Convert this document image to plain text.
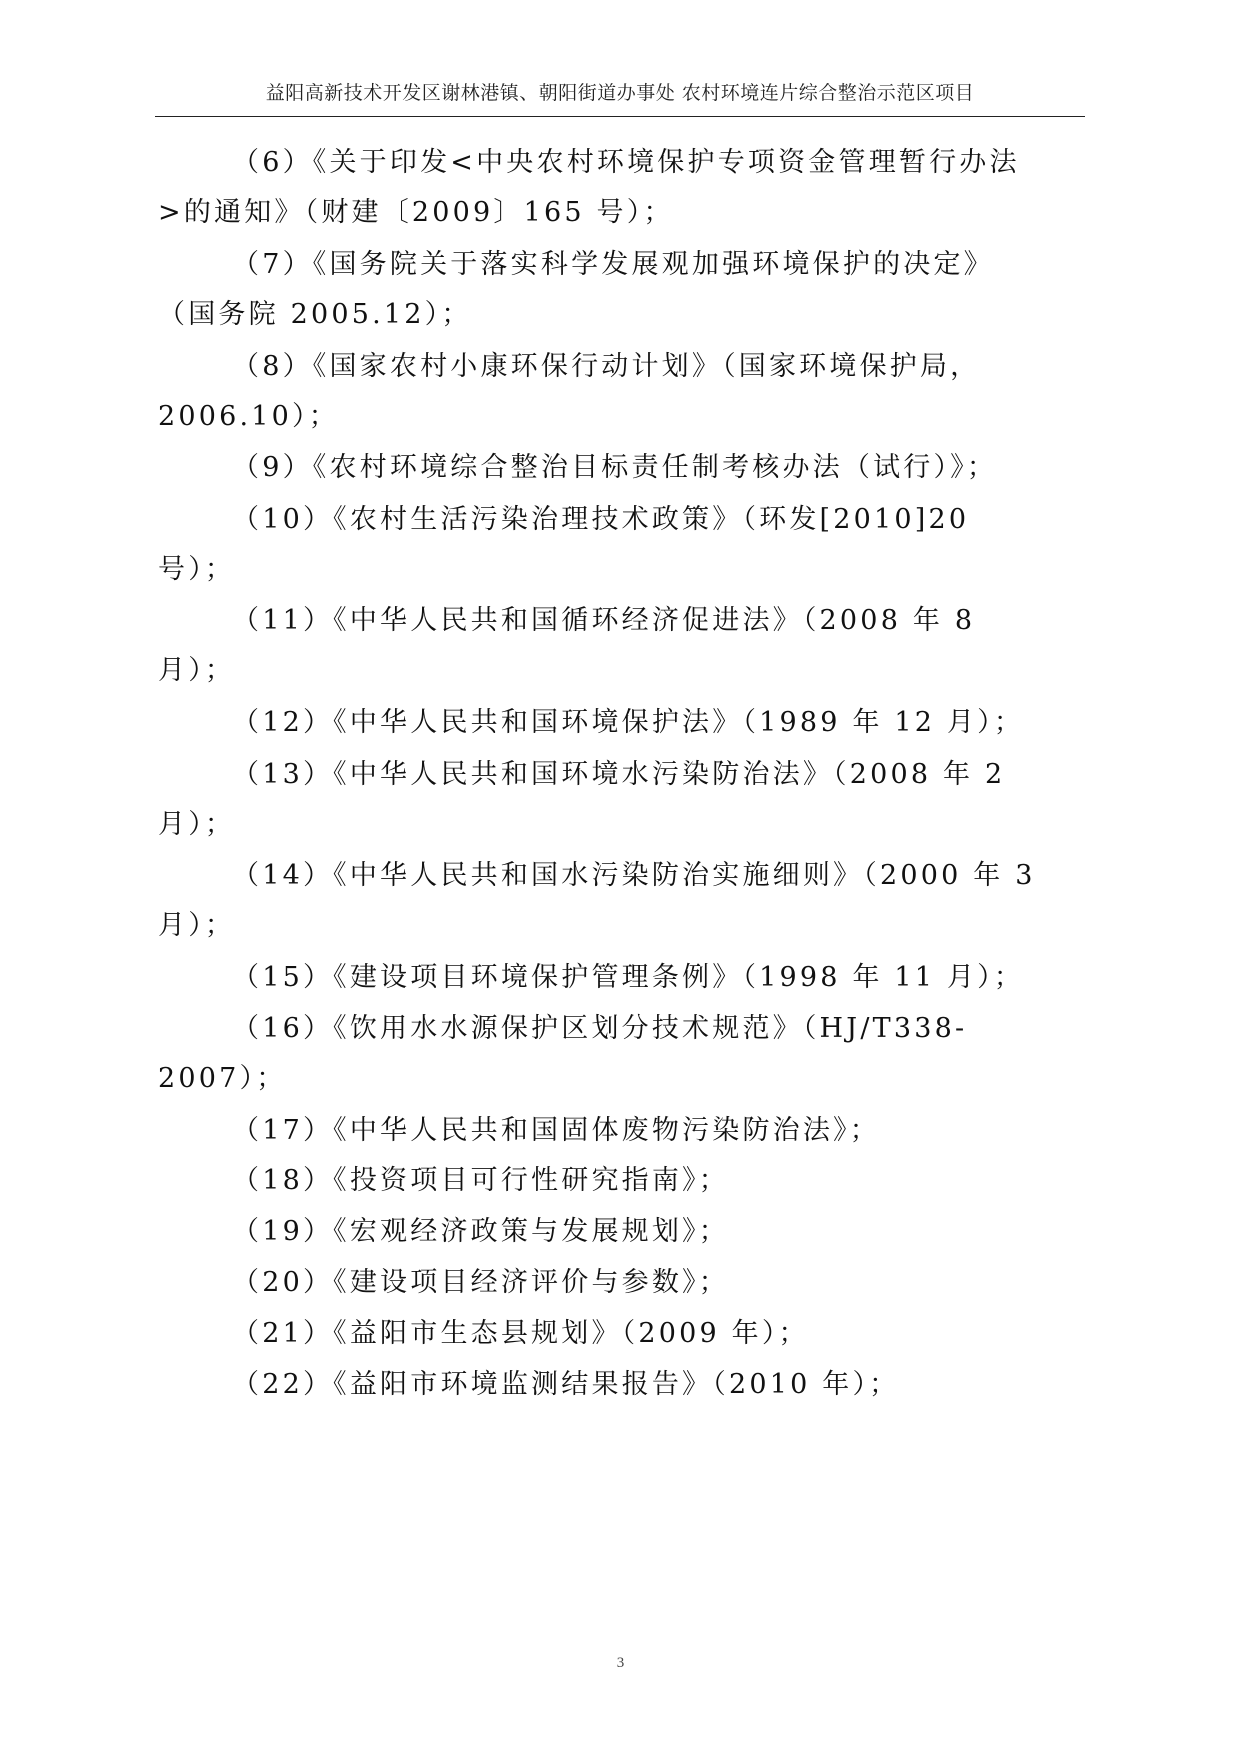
益阳高新技术开发区谢林港镇、朝阳街道办事处 农村环境连片综合整治示范区项目
（6）《关于印发<中央农村环境保护专项资金管理暂行办法
>的通知》（财建〔2009〕165 号）；
（7）《国务院关于落实科学发展观加强环境保护的决定》
（国务院 2005.12）；
（8）《国家农村小康环保行动计划》（国家环境保护局，
2006.10）；
（9）《农村环境综合整治目标责任制考核办法（试行）》；
（10）《农村生活污染治理技术政策》（环发[2010]20
号）；
（11）《中华人民共和国循环经济促进法》（2008 年 8
月）；
（12）《中华人民共和国环境保护法》（1989 年 12 月）；
（13）《中华人民共和国环境水污染防治法》（2008 年 2
月）；
（14）《中华人民共和国水污染防治实施细则》（2000 年 3
月）；
（15）《建设项目环境保护管理条例》（1998 年 11 月）；
（16）《饮用水水源保护区划分技术规范》（HJ/T338-
2007）；
（17）《中华人民共和国固体废物污染防治法》；
（18）《投资项目可行性研究指南》；
（19）《宏观经济政策与发展规划》；
（20）《建设项目经济评价与参数》；
（21）《益阳市生态县规划》（2009 年）；
（22）《益阳市环境监测结果报告》（2010 年）；
3
